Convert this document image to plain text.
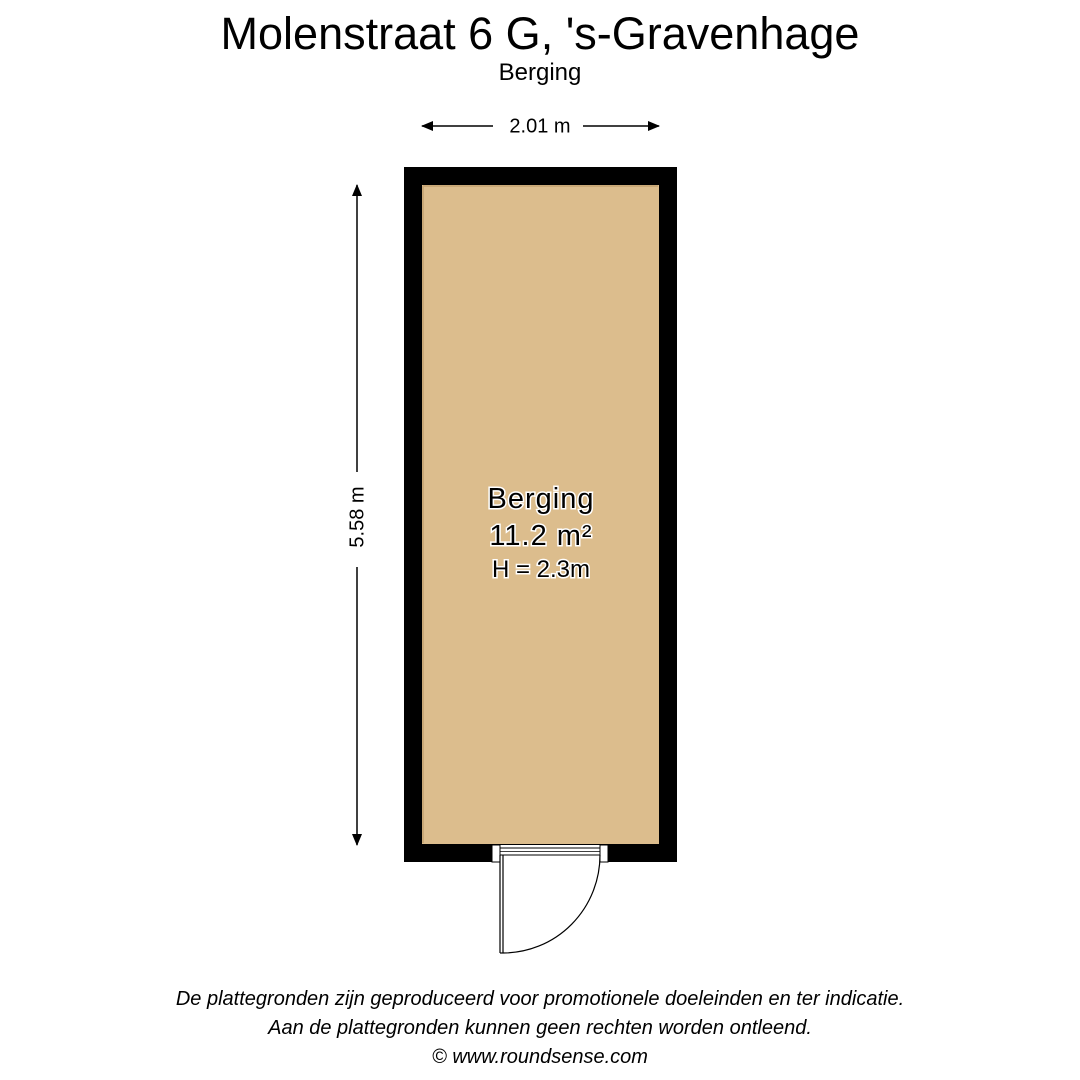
Molenstraat 6 G, 's-Gravenhage
Berging
2.01 m
5.58 m	Berging
11.2 m²
H = 2.3m
De plattegronden zijn geproduceerd voor promotionele doeleinden en ter indicatie.
Aan de plattegronden kunnen geen rechten worden ontleend.
© www.roundsense.com
